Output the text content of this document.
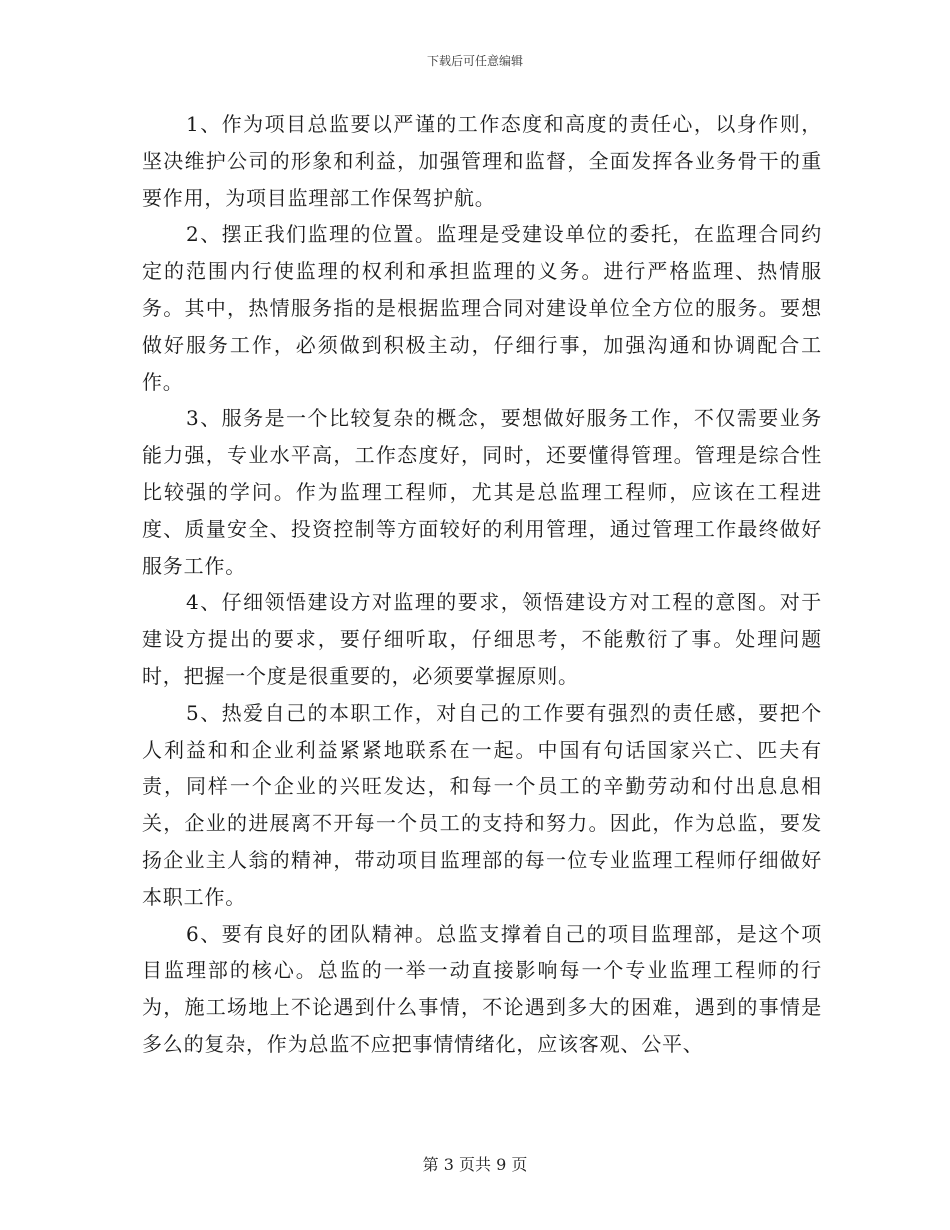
下载后可任意编辑

1、作为项目总监要以严谨的工作态度和高度的责任心，以身作则，坚决维护公司的形象和利益，加强管理和监督，全面发挥各业务骨干的重要作用，为项目监理部工作保驾护航。

2、摆正我们监理的位置。监理是受建设单位的委托，在监理合同约定的范围内行使监理的权利和承担监理的义务。进行严格监理、热情服务。其中，热情服务指的是根据监理合同对建设单位全方位的服务。要想做好服务工作，必须做到积极主动，仔细行事，加强沟通和协调配合工作。

3、服务是一个比较复杂的概念，要想做好服务工作，不仅需要业务能力强，专业水平高，工作态度好，同时，还要懂得管理。管理是综合性比较强的学问。作为监理工程师，尤其是总监理工程师，应该在工程进度、质量安全、投资控制等方面较好的利用管理，通过管理工作最终做好服务工作。

4、仔细领悟建设方对监理的要求，领悟建设方对工程的意图。对于建设方提出的要求，要仔细听取，仔细思考，不能敷衍了事。处理问题时，把握一个度是很重要的，必须要掌握原则。

5、热爱自己的本职工作，对自己的工作要有强烈的责任感，要把个人利益和和企业利益紧紧地联系在一起。中国有句话国家兴亡、匹夫有责，同样一个企业的兴旺发达，和每一个员工的辛勤劳动和付出息息相关，企业的进展离不开每一个员工的支持和努力。因此，作为总监，要发扬企业主人翁的精神，带动项目监理部的每一位专业监理工程师仔细做好本职工作。

6、要有良好的团队精神。总监支撑着自己的项目监理部，是这个项目监理部的核心。总监的一举一动直接影响每一个专业监理工程师的行为，施工场地上不论遇到什么事情，不论遇到多大的困难，遇到的事情是多么的复杂，作为总监不应把事情情绪化，应该客观、公平、

第 3 页共 9 页
